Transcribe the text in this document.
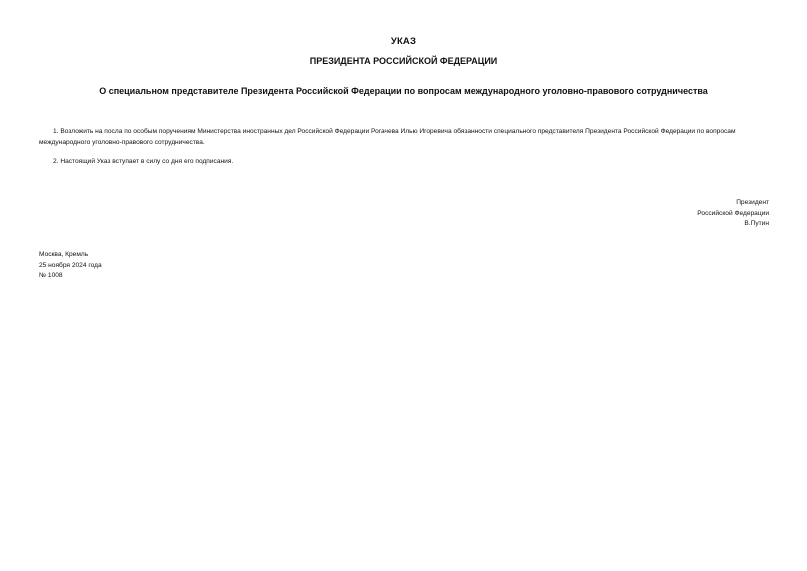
УКАЗ
ПРЕЗИДЕНТА РОССИЙСКОЙ ФЕДЕРАЦИИ
О специальном представителе Президента Российской Федерации по вопросам международного уголовно-правового сотрудничества

1. Возложить на посла по особым поручениям Министерства иностранных дел Российской Федерации Рогачева Илью Игоревича обязанности специального представителя Президента Российской Федерации по вопросам международного уголовно-правового сотрудничества.

2. Настоящий Указ вступает в силу со дня его подписания.

Президент
Российской Федерации
В.Путин
Москва, Кремль
25 ноября 2024 года
№ 1008
